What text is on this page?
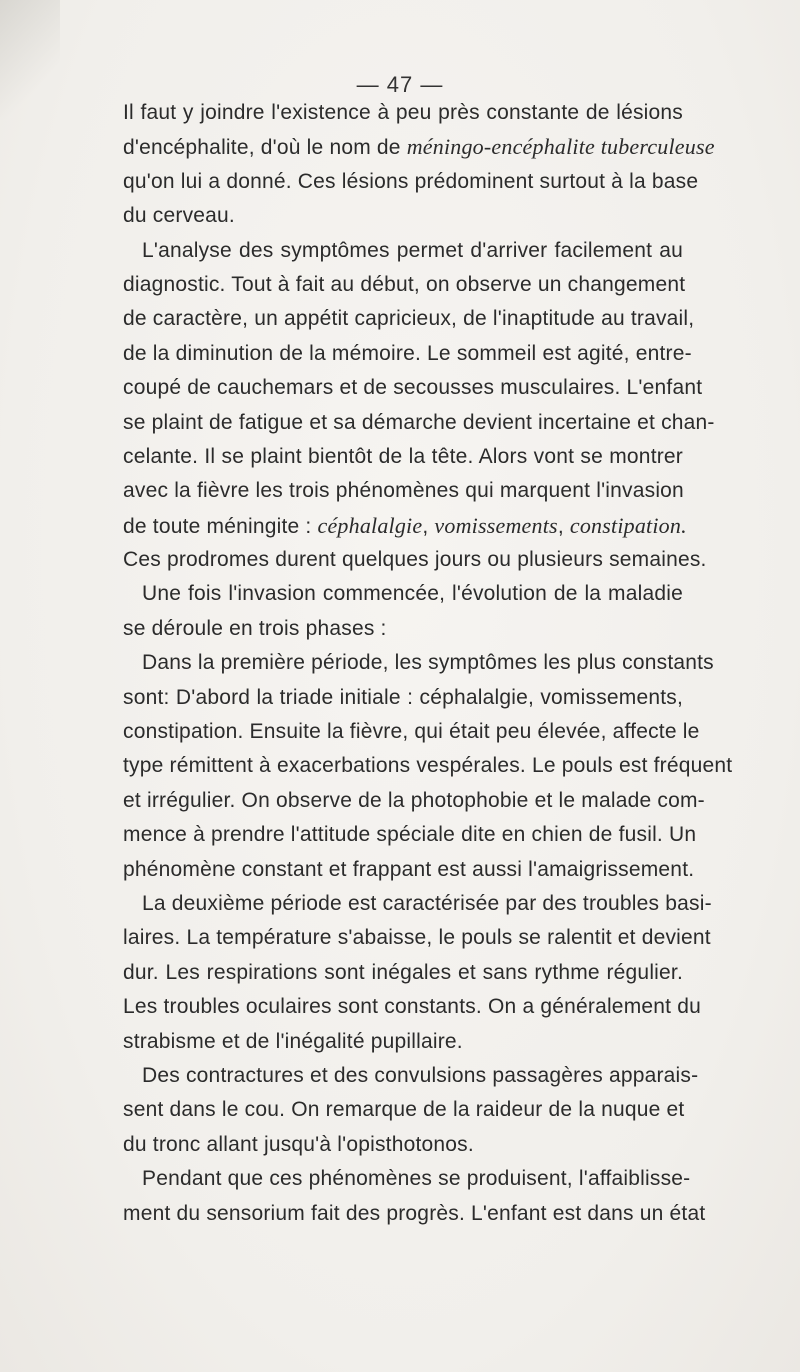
— 47 —
Il faut y joindre l'existence à peu près constante de lésions
d'encéphalite, d'où le nom de méningo-encéphalite tuberculeuse
qu'on lui a donné. Ces lésions prédominent surtout à la base
du cerveau.
L'analyse des symptômes permet d'arriver facilement au
diagnostic. Tout à fait au début, on observe un changement
de caractère, un appétit capricieux, de l'inaptitude au travail,
de la diminution de la mémoire. Le sommeil est agité, entre-
coupé de cauchemars et de secousses musculaires. L'enfant
se plaint de fatigue et sa démarche devient incertaine et chan-
celante. Il se plaint bientôt de la tête. Alors vont se montrer
avec la fièvre les trois phénomènes qui marquent l'invasion
de toute méningite : céphalalgie, vomissements, constipation.
Ces prodromes durent quelques jours ou plusieurs semaines.
Une fois l'invasion commencée, l'évolution de la maladie
se déroule en trois phases :
Dans la première période, les symptômes les plus constants
sont: D'abord la triade initiale : céphalalgie, vomissements,
constipation. Ensuite la fièvre, qui était peu élevée, affecte le
type rémittent à exacerbations vespérales. Le pouls est fréquent
et irrégulier. On observe de la photophobie et le malade com-
mence à prendre l'attitude spéciale dite en chien de fusil. Un
phénomène constant et frappant est aussi l'amaigrissement.
La deuxième période est caractérisée par des troubles basi-
laires. La température s'abaisse, le pouls se ralentit et devient
dur. Les respirations sont inégales et sans rythme régulier.
Les troubles oculaires sont constants. On a généralement du
strabisme et de l'inégalité pupillaire.
Des contractures et des convulsions passagères apparais-
sent dans le cou. On remarque de la raideur de la nuque et
du tronc allant jusqu'à l'opisthotonos.
Pendant que ces phénomènes se produisent, l'affaiblisse-
ment du sensorium fait des progrès. L'enfant est dans un état
